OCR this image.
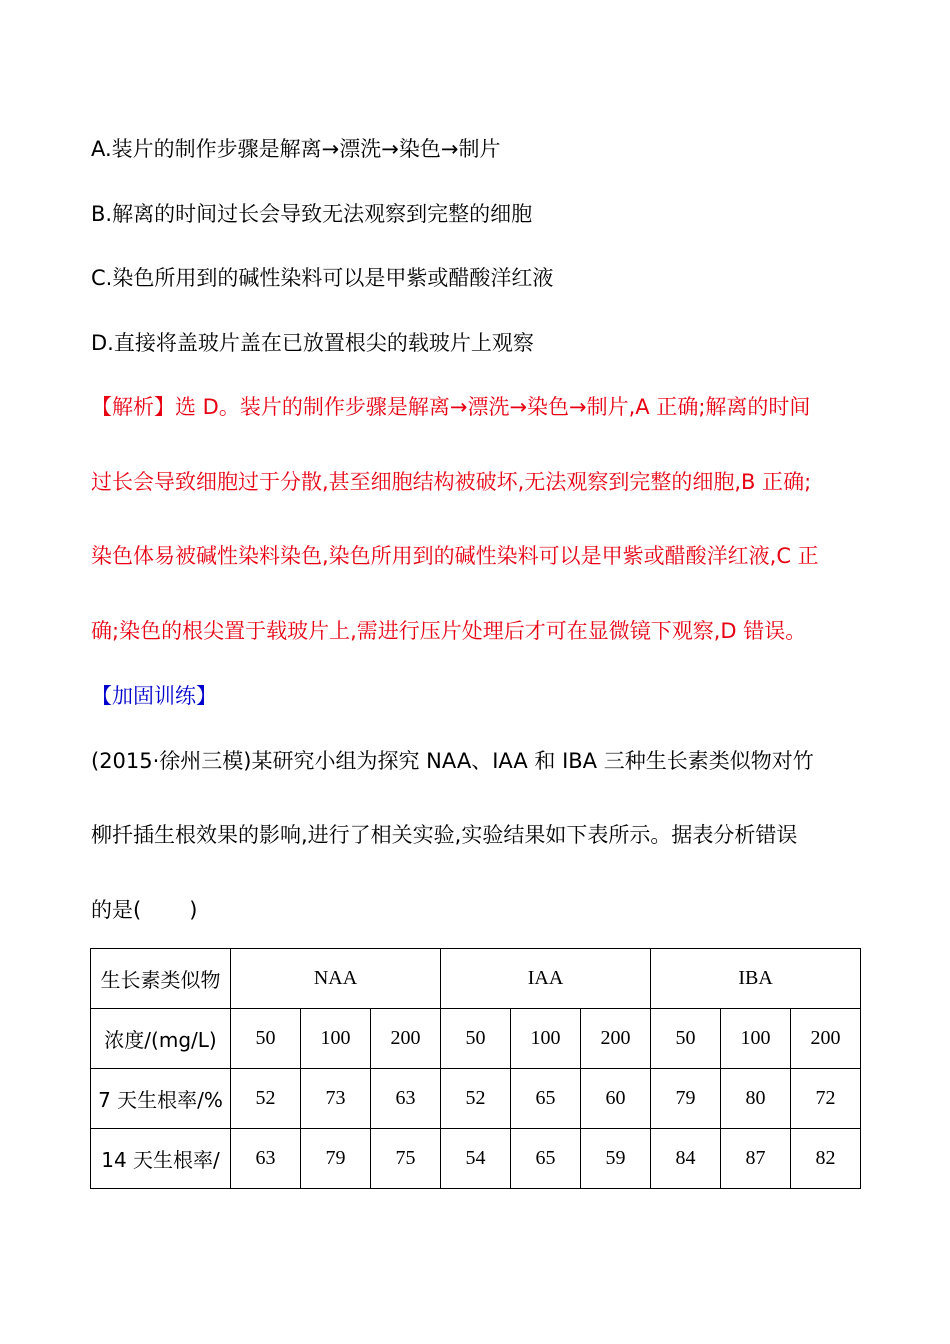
A.装片的制作步骤是解离→漂洗→染色→制片
B.解离的时间过长会导致无法观察到完整的细胞
C.染色所用到的碱性染料可以是甲紫或醋酸洋红液
D.直接将盖玻片盖在已放置根尖的载玻片上观察
【解析】选 D。装片的制作步骤是解离→漂洗→染色→制片,A 正确;解离的时间
过长会导致细胞过于分散,甚至细胞结构被破坏,无法观察到完整的细胞,B 正确;
染色体易被碱性染料染色,染色所用到的碱性染料可以是甲紫或醋酸洋红液,C 正
确;染色的根尖置于载玻片上,需进行压片处理后才可在显微镜下观察,D 错误。
【加固训练】
(2015·徐州三模)某研究小组为探究 NAA、IAA 和 IBA 三种生长素类似物对竹
柳扦插生根效果的影响,进行了相关实验,实验结果如下表所示。据表分析错误
的是( )
生长素类似物	NAA			IAA			IBA		
浓度/(mg/L)	50	100	200	50	100	200	50	100	200
7 天生根率/%	52	73	63	52	65	60	79	80	72
14 天生根率/	63	79	75	54	65	59	84	87	82
